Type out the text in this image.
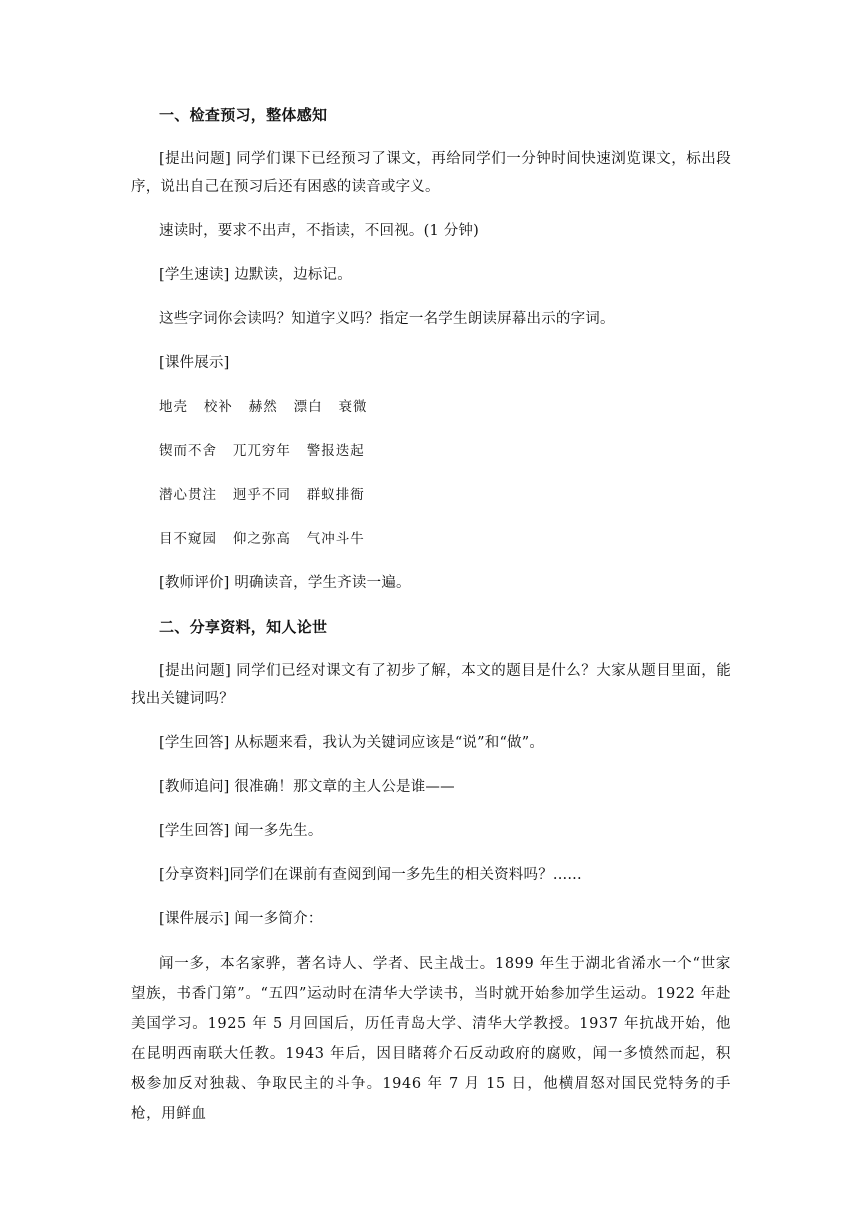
一、检查预习，整体感知

[提出问题] 同学们课下已经预习了课文，再给同学们一分钟时间快速浏览课文，标出段序，说出自己在预习后还有困惑的读音或字义。

速读时，要求不出声，不指读，不回视。(1 分钟)

[学生速读] 边默读，边标记。

这些字词你会读吗？知道字义吗？指定一名学生朗读屏幕出示的字词。

[课件展示]

地壳   校补   赫然   漂白   衰微
锲而不舍   兀兀穷年   警报迭起
潜心贯注   迥乎不同   群蚁排衙
目不窥园   仰之弥高   气冲斗牛

[教师评价] 明确读音，学生齐读一遍。

二、分享资料，知人论世

[提出问题] 同学们已经对课文有了初步了解，本文的题目是什么？大家从题目里面，能找出关键词吗？

[学生回答] 从标题来看，我认为关键词应该是“说”和“做”。

[教师追问] 很准确！那文章的主人公是谁——

[学生回答] 闻一多先生。

[分享资料]同学们在课前有查阅到闻一多先生的相关资料吗？......

[课件展示] 闻一多简介：

闻一多，本名家骅，著名诗人、学者、民主战士。1899 年生于湖北省浠水一个“世家望族，书香门第”。“五四”运动时在清华大学读书，当时就开始参加学生运动。1922 年赴美国学习。1925 年 5 月回国后，历任青岛大学、清华大学教授。1937 年抗战开始，他在昆明西南联大任教。1943 年后，因目睹蒋介石反动政府的腐败，闻一多愤然而起，积极参加反对独裁、争取民主的斗争。1946 年 7 月 15 日，他横眉怒对国民党特务的手枪，用鲜血
